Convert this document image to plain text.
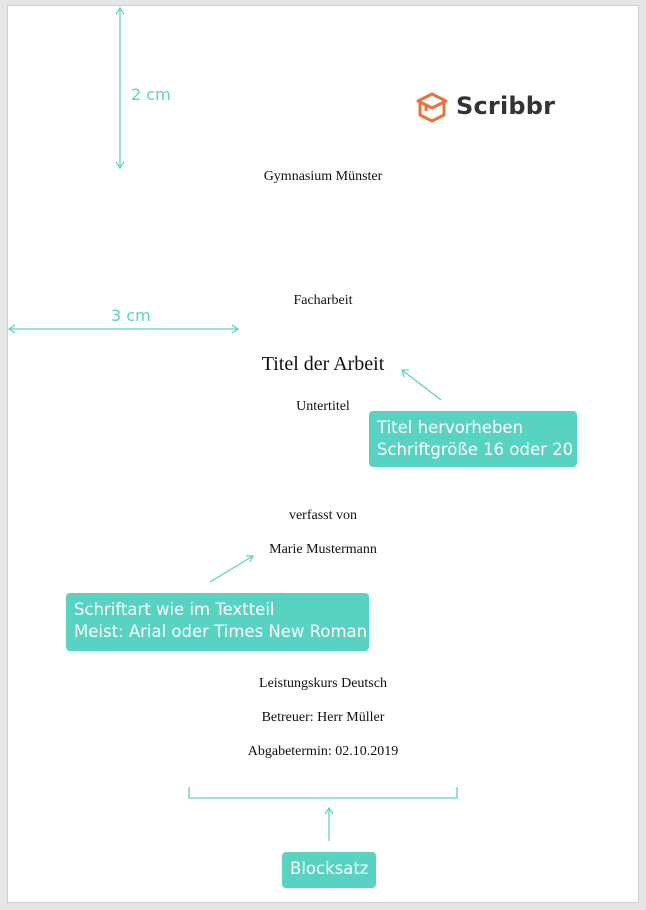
2 cm
3 cm
Scribbr
Gymnasium Münster
Facharbeit
Titel der Arbeit
Untertitel
verfasst von
Marie Mustermann
Leistungskurs Deutsch
Betreuer: Herr Müller
Abgabetermin: 02.10.2019
Titel hervorheben
Schriftgröße 16 oder 20
Schriftart wie im Textteil
Meist: Arial oder Times New Roman
Blocksatz
